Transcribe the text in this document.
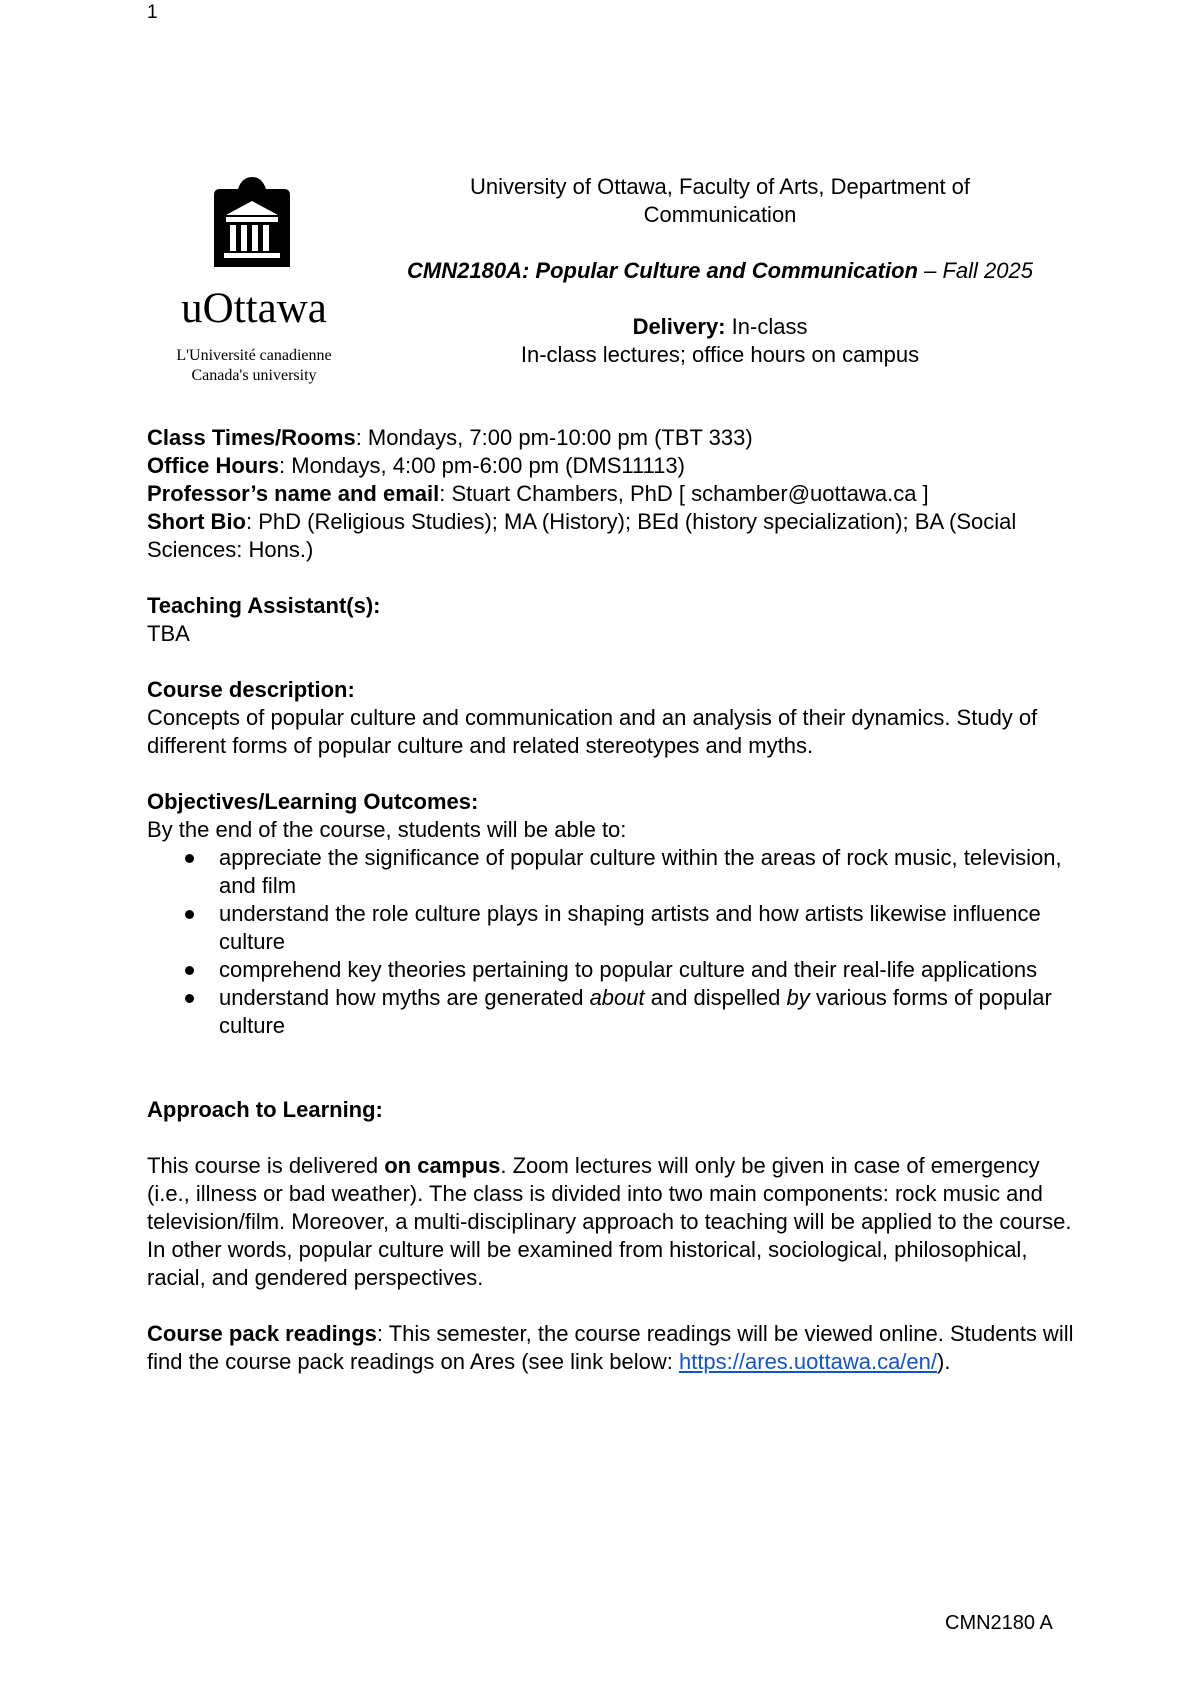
1
uOttawa
L'Université canadienne
Canada's university

University of Ottawa, Faculty of Arts, Department of Communication

CMN2180A: Popular Culture and Communication – Fall 2025

Delivery: In-class

In-class lectures; office hours on campus

Class Times/Rooms: Mondays, 7:00 pm-10:00 pm (TBT 333)

Office Hours: Mondays, 4:00 pm-6:00 pm (DMS11113)

Professor’s name and email: Stuart Chambers, PhD [ schamber@uottawa.ca ]

Short Bio: PhD (Religious Studies); MA (History); BEd (history specialization); BA (Social Sciences: Hons.)

Teaching Assistant(s):

TBA

Course description:

Concepts of popular culture and communication and an analysis of their dynamics. Study of different forms of popular culture and related stereotypes and myths.

Objectives/Learning Outcomes:

By the end of the course, students will be able to:

appreciate the significance of popular culture within the areas of rock music, television, and film
understand the role culture plays in shaping artists and how artists likewise influence culture
comprehend key theories pertaining to popular culture and their real-life applications
understand how myths are generated about and dispelled by various forms of popular culture

Approach to Learning:

This course is delivered on campus. Zoom lectures will only be given in case of emergency (i.e., illness or bad weather). The class is divided into two main components: rock music and television/film. Moreover, a multi-disciplinary approach to teaching will be applied to the course. In other words, popular culture will be examined from historical, sociological, philosophical, racial, and gendered perspectives.

Course pack readings: This semester, the course readings will be viewed online. Students will find the course pack readings on Ares (see link below: https://ares.uottawa.ca/en/).

CMN2180 A
